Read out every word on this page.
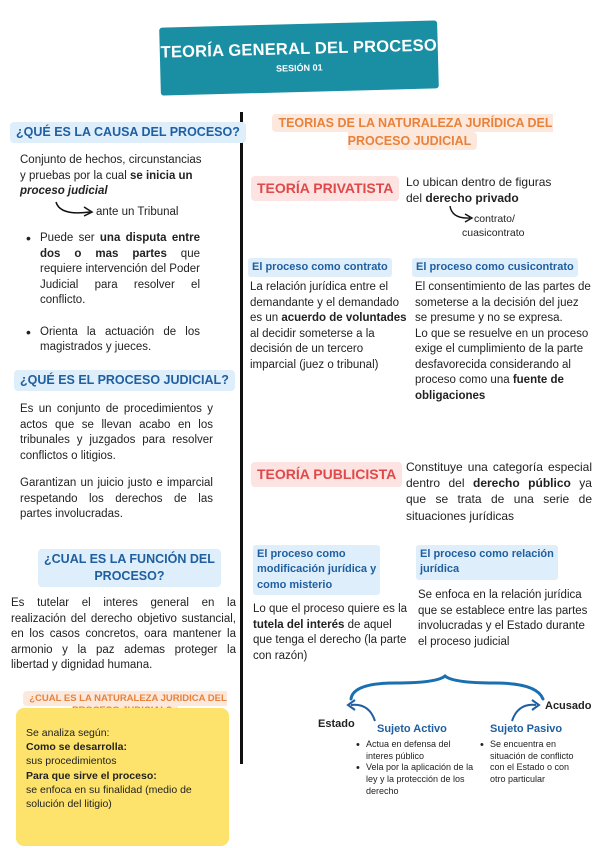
TEORÍA GENERAL DEL PROCESO
SESIÓN 01
¿QUÉ ES LA CAUSA DEL PROCESO?
Conjunto de hechos, circunstancias
y pruebas por la cual se inicia un
proceso judicial
ante un Tribunal
• Puede ser una disputa entre dos o mas partes que requiere intervención del Poder Judicial para resolver el conflicto.
• Orienta la actuación de los magistrados y jueces.
¿QUÉ ES EL PROCESO JUDICIAL?
Es un conjunto de procedimientos y actos que se llevan acabo en los tribunales y juzgados para resolver conflictos o litigios.
Garantizan un juicio justo e imparcial respetando los derechos de las partes involucradas.
¿CUAL ES LA FUNCIÓN DEL
PROCESO?
Es tutelar el interes general en la realización del derecho objetivo sustancial, en los casos concretos, oara mantener la armonio y la paz ademas proteger la libertad y dignidad humana.
¿CUAL ES LA NATURALEZA JURIDICA DEL

Se analiza según:
Como se desarrolla:
sus procedimientos
Para que sirve el proceso:
se enfoca en su finalidad (medio de solución del litigio)
TEORIAS DE LA NATURALEZA JURÍDICA DEL
PROCESO JUDICIAL
TEORÍA PRIVATISTA	Lo ubican dentro de figuras
del derecho privado
contrato/
cuasicontrato
El proceso como contrato
La relación jurídica entre el demandante y el demandado es un acuerdo de voluntades al decidir someterse a la decisión de un tercero imparcial (juez o tribunal)
El proceso como cusicontrato
El consentimiento de las partes de someterse a la decisión del juez se presume y no se expresa.
Lo que se resuelve en un proceso exige el cumplimiento de la parte desfavorecida considerando al proceso como una fuente de obligaciones
TEORÍA PUBLICISTA Constituye una categoría especial dentro del derecho público ya que se trata de una serie de situaciones jurídicas
El proceso como
modificación jurídica y
como misterio
Lo que el proceso quiere es la tutela del interés de aquel que tenga el derecho (la parte con razón)
El proceso como relación
jurídica
Se enfoca en la relación jurídica que se establece entre las partes involucradas y el Estado durante el proceso judicial
Estado
Acusado
Sujeto Activo
• Actua en defensa del interes público
• Vela por la aplicación de la ley y la protección de los derecho
Sujeto Pasivo
• Se encuentra en situación de conflicto con el Estado o con otro particular
